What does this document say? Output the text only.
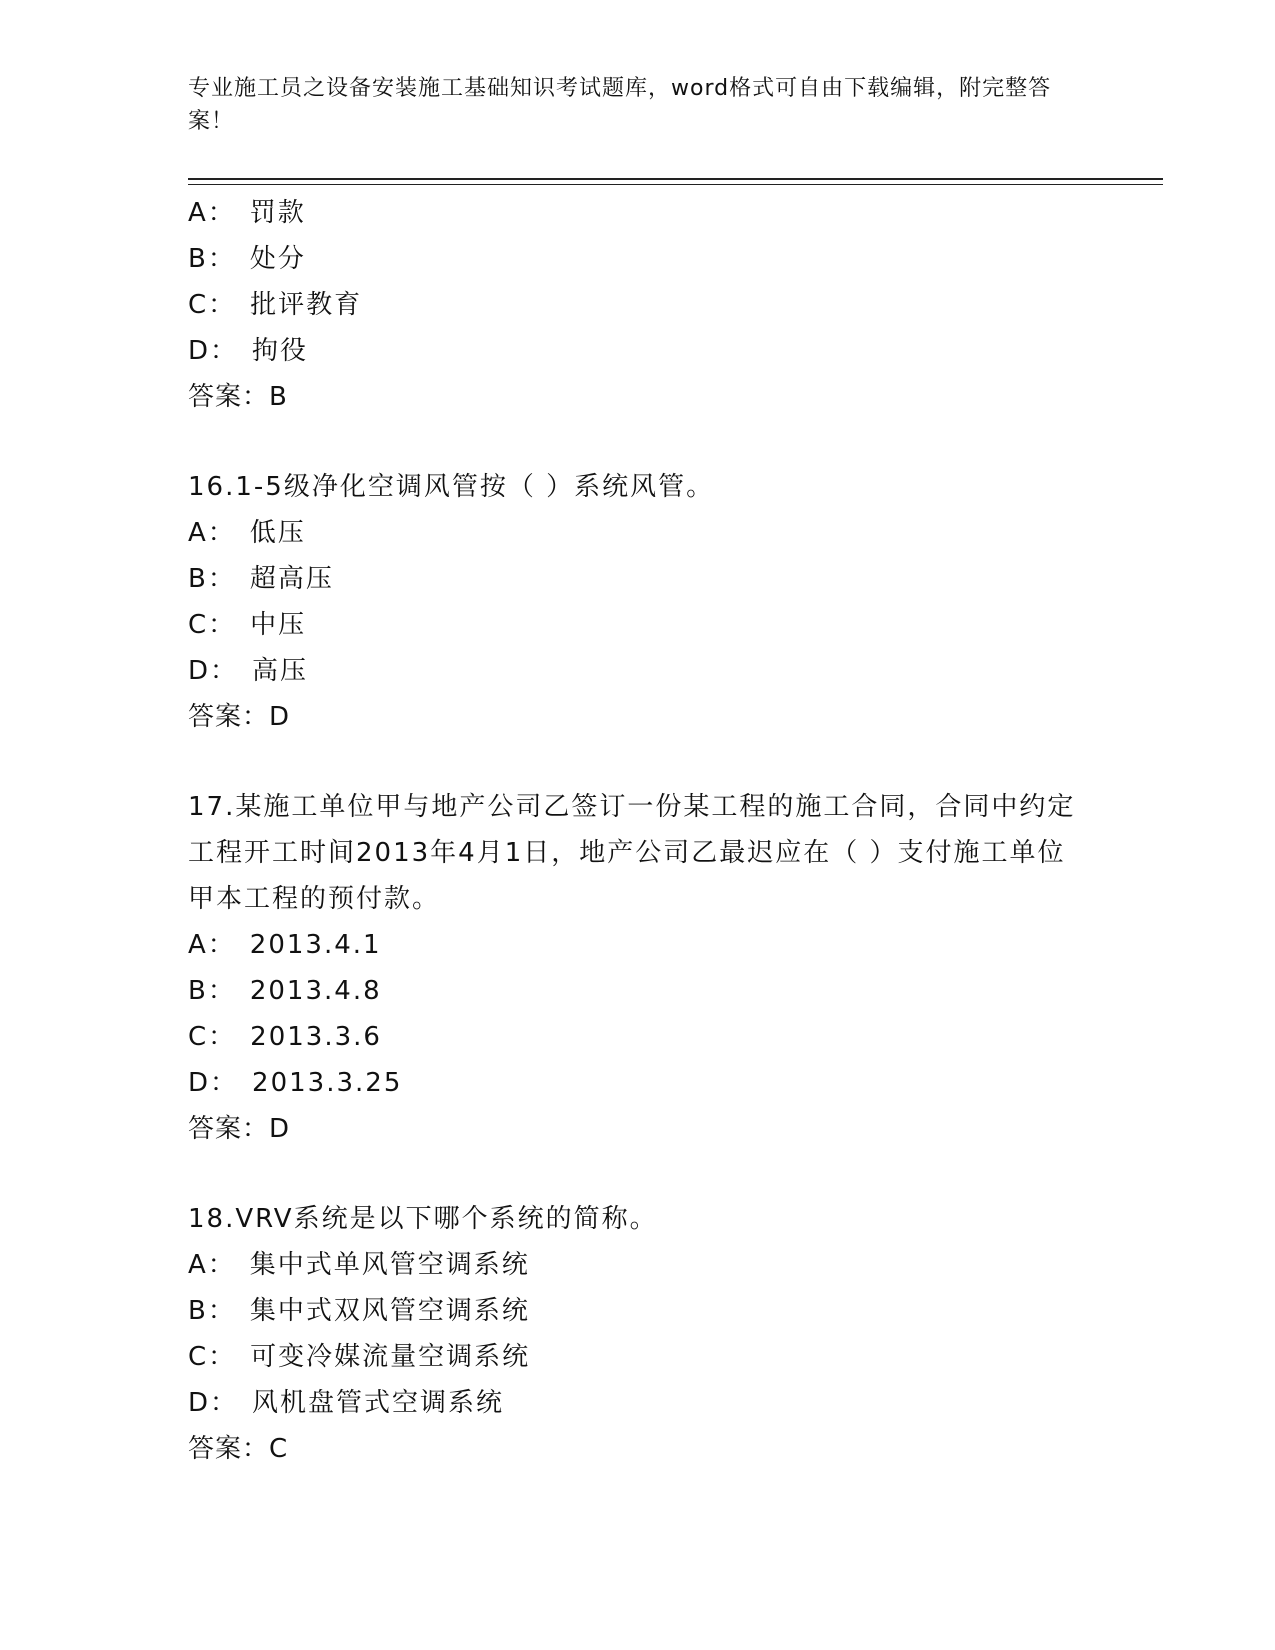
专业施工员之设备安装施工基础知识考试题库，word格式可自由下载编辑，附完整答案！
A： 罚款
B： 处分
C： 批评教育
D： 拘役
答案：B
16.1-5级净化空调风管按（ ）系统风管。
A： 低压
B： 超高压
C： 中压
D： 高压
答案：D
17.某施工单位甲与地产公司乙签订一份某工程的施工合同，合同中约定工程开工时间2013年4月1日，地产公司乙最迟应在（ ）支付施工单位甲本工程的预付款。
A： 2013.4.1
B： 2013.4.8
C： 2013.3.6
D： 2013.3.25
答案：D
18.VRV系统是以下哪个系统的简称。
A： 集中式单风管空调系统
B： 集中式双风管空调系统
C： 可变冷媒流量空调系统
D： 风机盘管式空调系统
答案：C
